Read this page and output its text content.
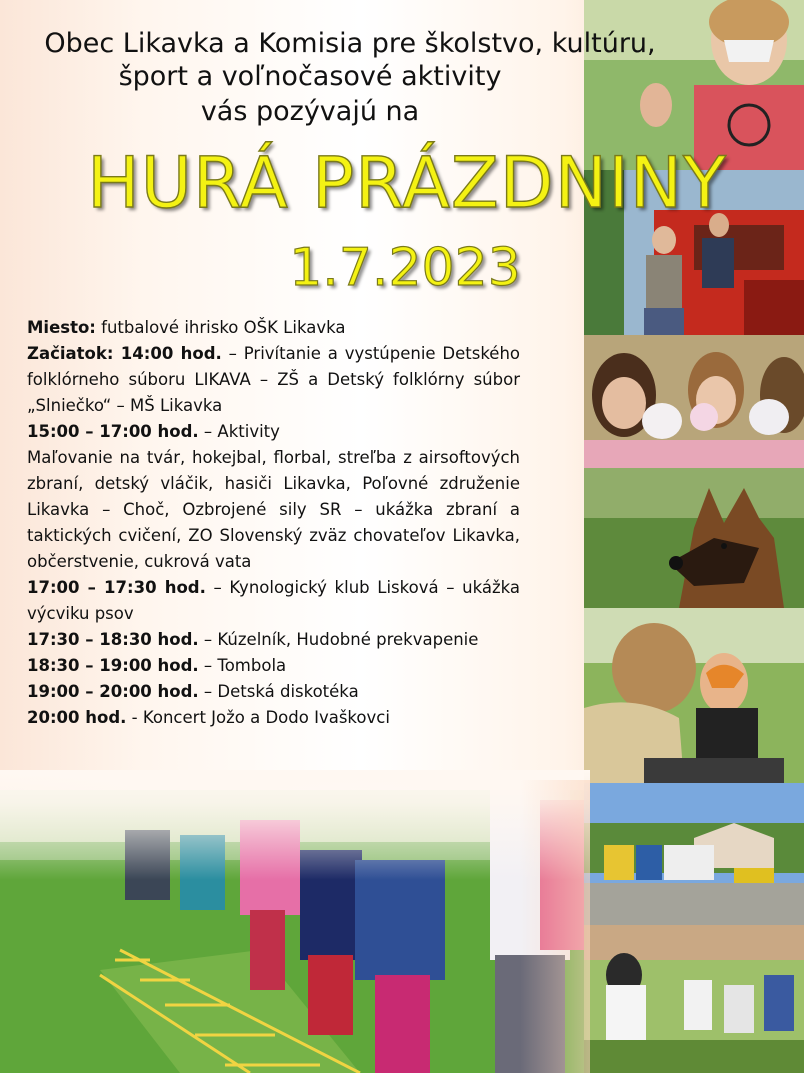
Obec Likavka a Komisia pre školstvo, kultúru,
šport a voľnočasové aktivity
vás pozývajú na
HURÁ PRÁZDNINY
1.7.2023

Miesto: futbalové ihrisko OŠK Likavka

Začiatok: 14:00 hod. – Privítanie a vystúpenie Detského folklórneho súboru LIKAVA – ZŠ a Detský folklórny súbor „Slniečko“ – MŠ Likavka

15:00 – 17:00 hod. – Aktivity

Maľovanie na tvár, hokejbal, florbal, streľba z airsoftových zbraní, detský vláčik, hasiči Likavka, Poľovné združenie Likavka – Choč, Ozbrojené sily SR – ukážka zbraní a taktických cvičení, ZO Slovenský zväz chovateľov Likavka, občerstvenie, cukrová vata

17:00 – 17:30 hod. – Kynologický klub Lisková – ukážka výcviku psov

17:30 – 18:30 hod. – Kúzelník, Hudobné prekvapenie

18:30 – 19:00 hod. – Tombola

19:00 – 20:00 hod. – Detská diskotéka

20:00 hod. - Koncert Jožo a Dodo Ivaškovci
